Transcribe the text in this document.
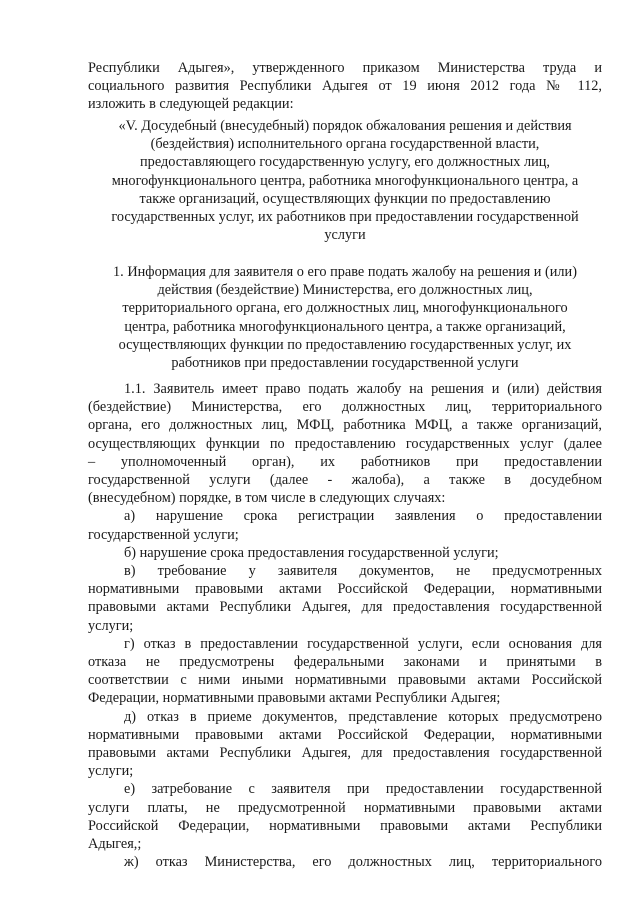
Республики Адыгея», утвержденного приказом Министерства труда и
социального развития Республики Адыгея от 19 июня 2012 года № 112,
изложить в следующей редакции:
«V. Досудебный (внесудебный) порядок обжалования решения и действия
(бездействия) исполнительного органа государственной власти,
предоставляющего государственную услугу, его должностных лиц,
многофункционального центра, работника многофункционального центра, а
также организаций, осуществляющих функции по предоставлению
государственных услуг, их работников при предоставлении государственной
услуги
1. Информация для заявителя о его праве подать жалобу на решения и (или)
действия (бездействие) Министерства, его должностных лиц,
территориального органа, его должностных лиц, многофункционального
центра, работника многофункционального центра, а также организаций,
осуществляющих функции по предоставлению государственных услуг, их
работников при предоставлении государственной услуги

1.1. Заявитель имеет право подать жалобу на решения и (или) действия

(бездействие) Министерства, его должностных лиц, территориального
органа, его должностных лиц, МФЦ, работника МФЦ, а также организаций,
осуществляющих функции по предоставлению государственных услуг (далее
– уполномоченный орган), их работников при предоставлении
государственной услуги (далее - жалоба), а также в досудебном
(внесудебном) порядке, в том числе в следующих случаях:

а) нарушение срока регистрации заявления о предоставлении

государственной услуги;

б) нарушение срока предоставления государственной услуги;

в) требование у заявителя документов, не предусмотренных

нормативными правовыми актами Российской Федерации, нормативными
правовыми актами Республики Адыгея, для предоставления государственной
услуги;

г) отказ в предоставлении государственной услуги, если основания для

отказа не предусмотрены федеральными законами и принятыми в
соответствии с ними иными нормативными правовыми актами Российской
Федерации, нормативными правовыми актами Республики Адыгея;

д) отказ в приеме документов, представление которых предусмотрено

нормативными правовыми актами Российской Федерации, нормативными
правовыми актами Республики Адыгея, для предоставления государственной
услуги;

е) затребование с заявителя при предоставлении государственной

услуги платы, не предусмотренной нормативными правовыми актами
Российской Федерации, нормативными правовыми актами Республики
Адыгея,;

ж) отказ Министерства, его должностных лиц, территориального
